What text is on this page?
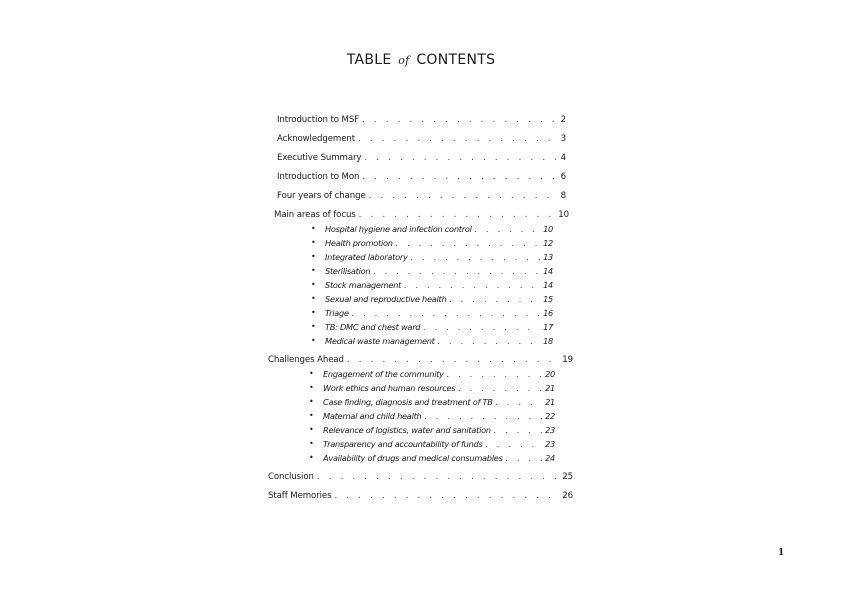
TABLE of CONTENTS
Introduction to MSF . . .	2
Acknowledgement . . .	3
Executive Summary . . .	4
Introduction to Mon . . .	6
Four years of change . . .	8
Main areas of focus . . .	10
• Hospital hygiene and infection control . . .	10
• Health promotion . . .	12
• Integrated laboratory . . .	13
• Sterilisation . . .	14
• Stock management . . .	14
• Sexual and reproductive health . . .	15
• Triage . . .	16
• TB: DMC and chest ward . . .	17
• Medical waste management . . .	18
Challenges Ahead . . .	19
• Engagement of the community . . .	20
• Work ethics and human resources . . .	21
• Case finding, diagnosis and treatment of TB . . .	21
• Maternal and child health . . .	22
• Relevance of logistics, water and sanitation . . .	23
• Transparency and accountability of funds . . .	23
• Availability of drugs and medical consumables . . .	24
Conclusion . . .	25
Staff Memories . . .	26
1
